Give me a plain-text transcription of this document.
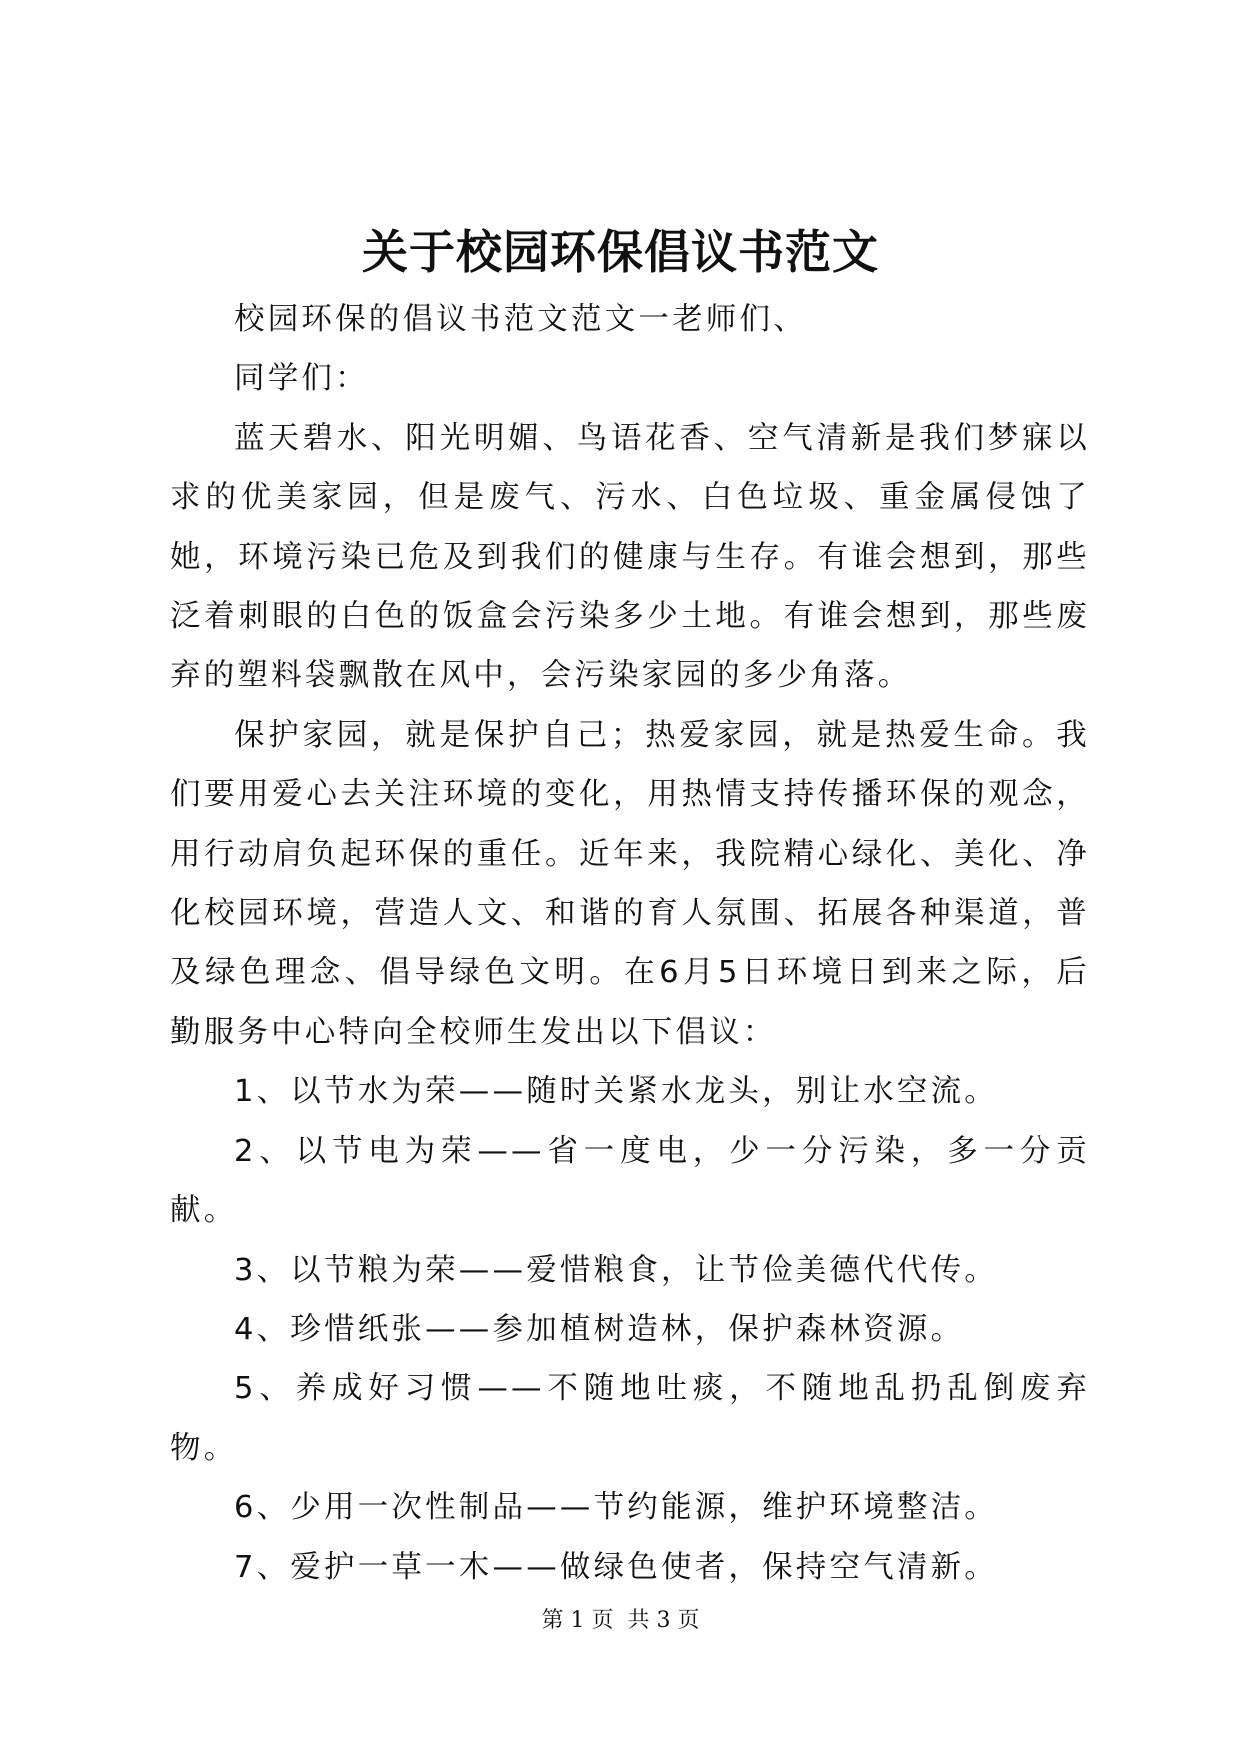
关于校园环保倡议书范文

校园环保的倡议书范文范文一老师们、

同学们：

蓝天碧水、阳光明媚、鸟语花香、空气清新是我们梦寐以求的优美家园，但是废气、污水、白色垃圾、重金属侵蚀了她，环境污染已危及到我们的健康与生存。有谁会想到，那些泛着刺眼的白色的饭盒会污染多少土地。有谁会想到，那些废弃的塑料袋飘散在风中，会污染家园的多少角落。

保护家园，就是保护自己；热爱家园，就是热爱生命。我们要用爱心去关注环境的变化，用热情支持传播环保的观念，用行动肩负起环保的重任。近年来，我院精心绿化、美化、净化校园环境，营造人文、和谐的育人氛围、拓展各种渠道，普及绿色理念、倡导绿色文明。在6月5日环境日到来之际，后勤服务中心特向全校师生发出以下倡议：

1、以节水为荣——随时关紧水龙头，别让水空流。

2、以节电为荣——省一度电，少一分污染，多一分贡献。

3、以节粮为荣——爱惜粮食，让节俭美德代代传。

4、珍惜纸张——参加植树造林，保护森林资源。

5、养成好习惯——不随地吐痰，不随地乱扔乱倒废弃物。

6、少用一次性制品——节约能源，维护环境整洁。

7、爱护一草一木——做绿色使者，保持空气清新。

第 1 页  共 3 页
